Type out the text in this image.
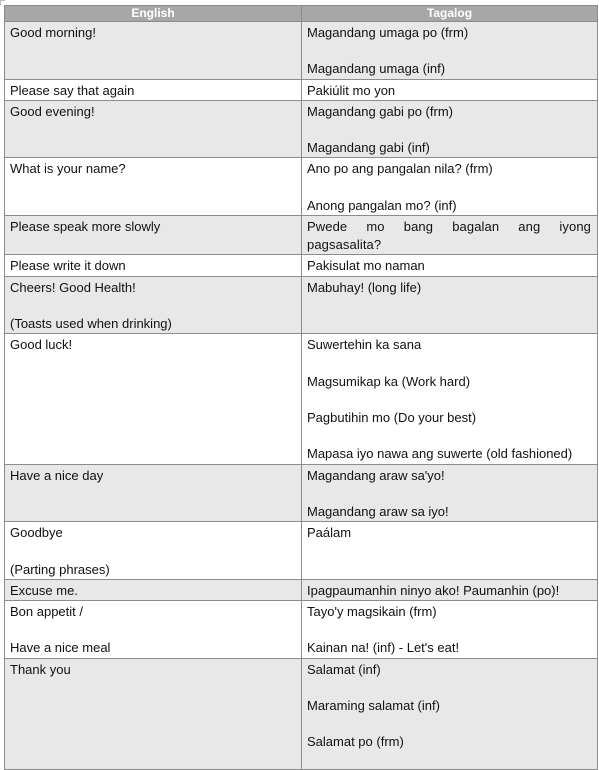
English	Tagalog

Good morning!	Magandang umaga po (frm)
Magandang umaga (inf)

Please say that again	Pakiúlit mo yon

Good evening!	Magandang gabi po (frm)
Magandang gabi (inf)

What is your name?	Ano po ang pangalan nila? (frm)
Anong pangalan mo? (inf)

Please speak more slowly	Pwede mo bang bagalan ang iyong pagsasalita?

Please write it down	Pakisulat mo naman

Cheers! Good Health!
(Toasts used when drinking)	Mabuhay! (long life)

Good luck!	Suwertehin ka sana
Magsumikap ka (Work hard)
Pagbutihin mo (Do your best)
Mapasa iyo nawa ang suwerte (old fashioned)

Have a nice day	Magandang araw sa'yo!
Magandang araw sa iyo!

Goodbye
(Parting phrases)	Paálam

Excuse me.	Ipagpaumanhin ninyo ako! Paumanhin (po)!

Bon appetit /
Have a nice meal	Tayo'y magsikain (frm)
Kainan na! (inf) - Let's eat!

Thank you	Salamat (inf)
Maraming salamat (inf)
Salamat po (frm)
